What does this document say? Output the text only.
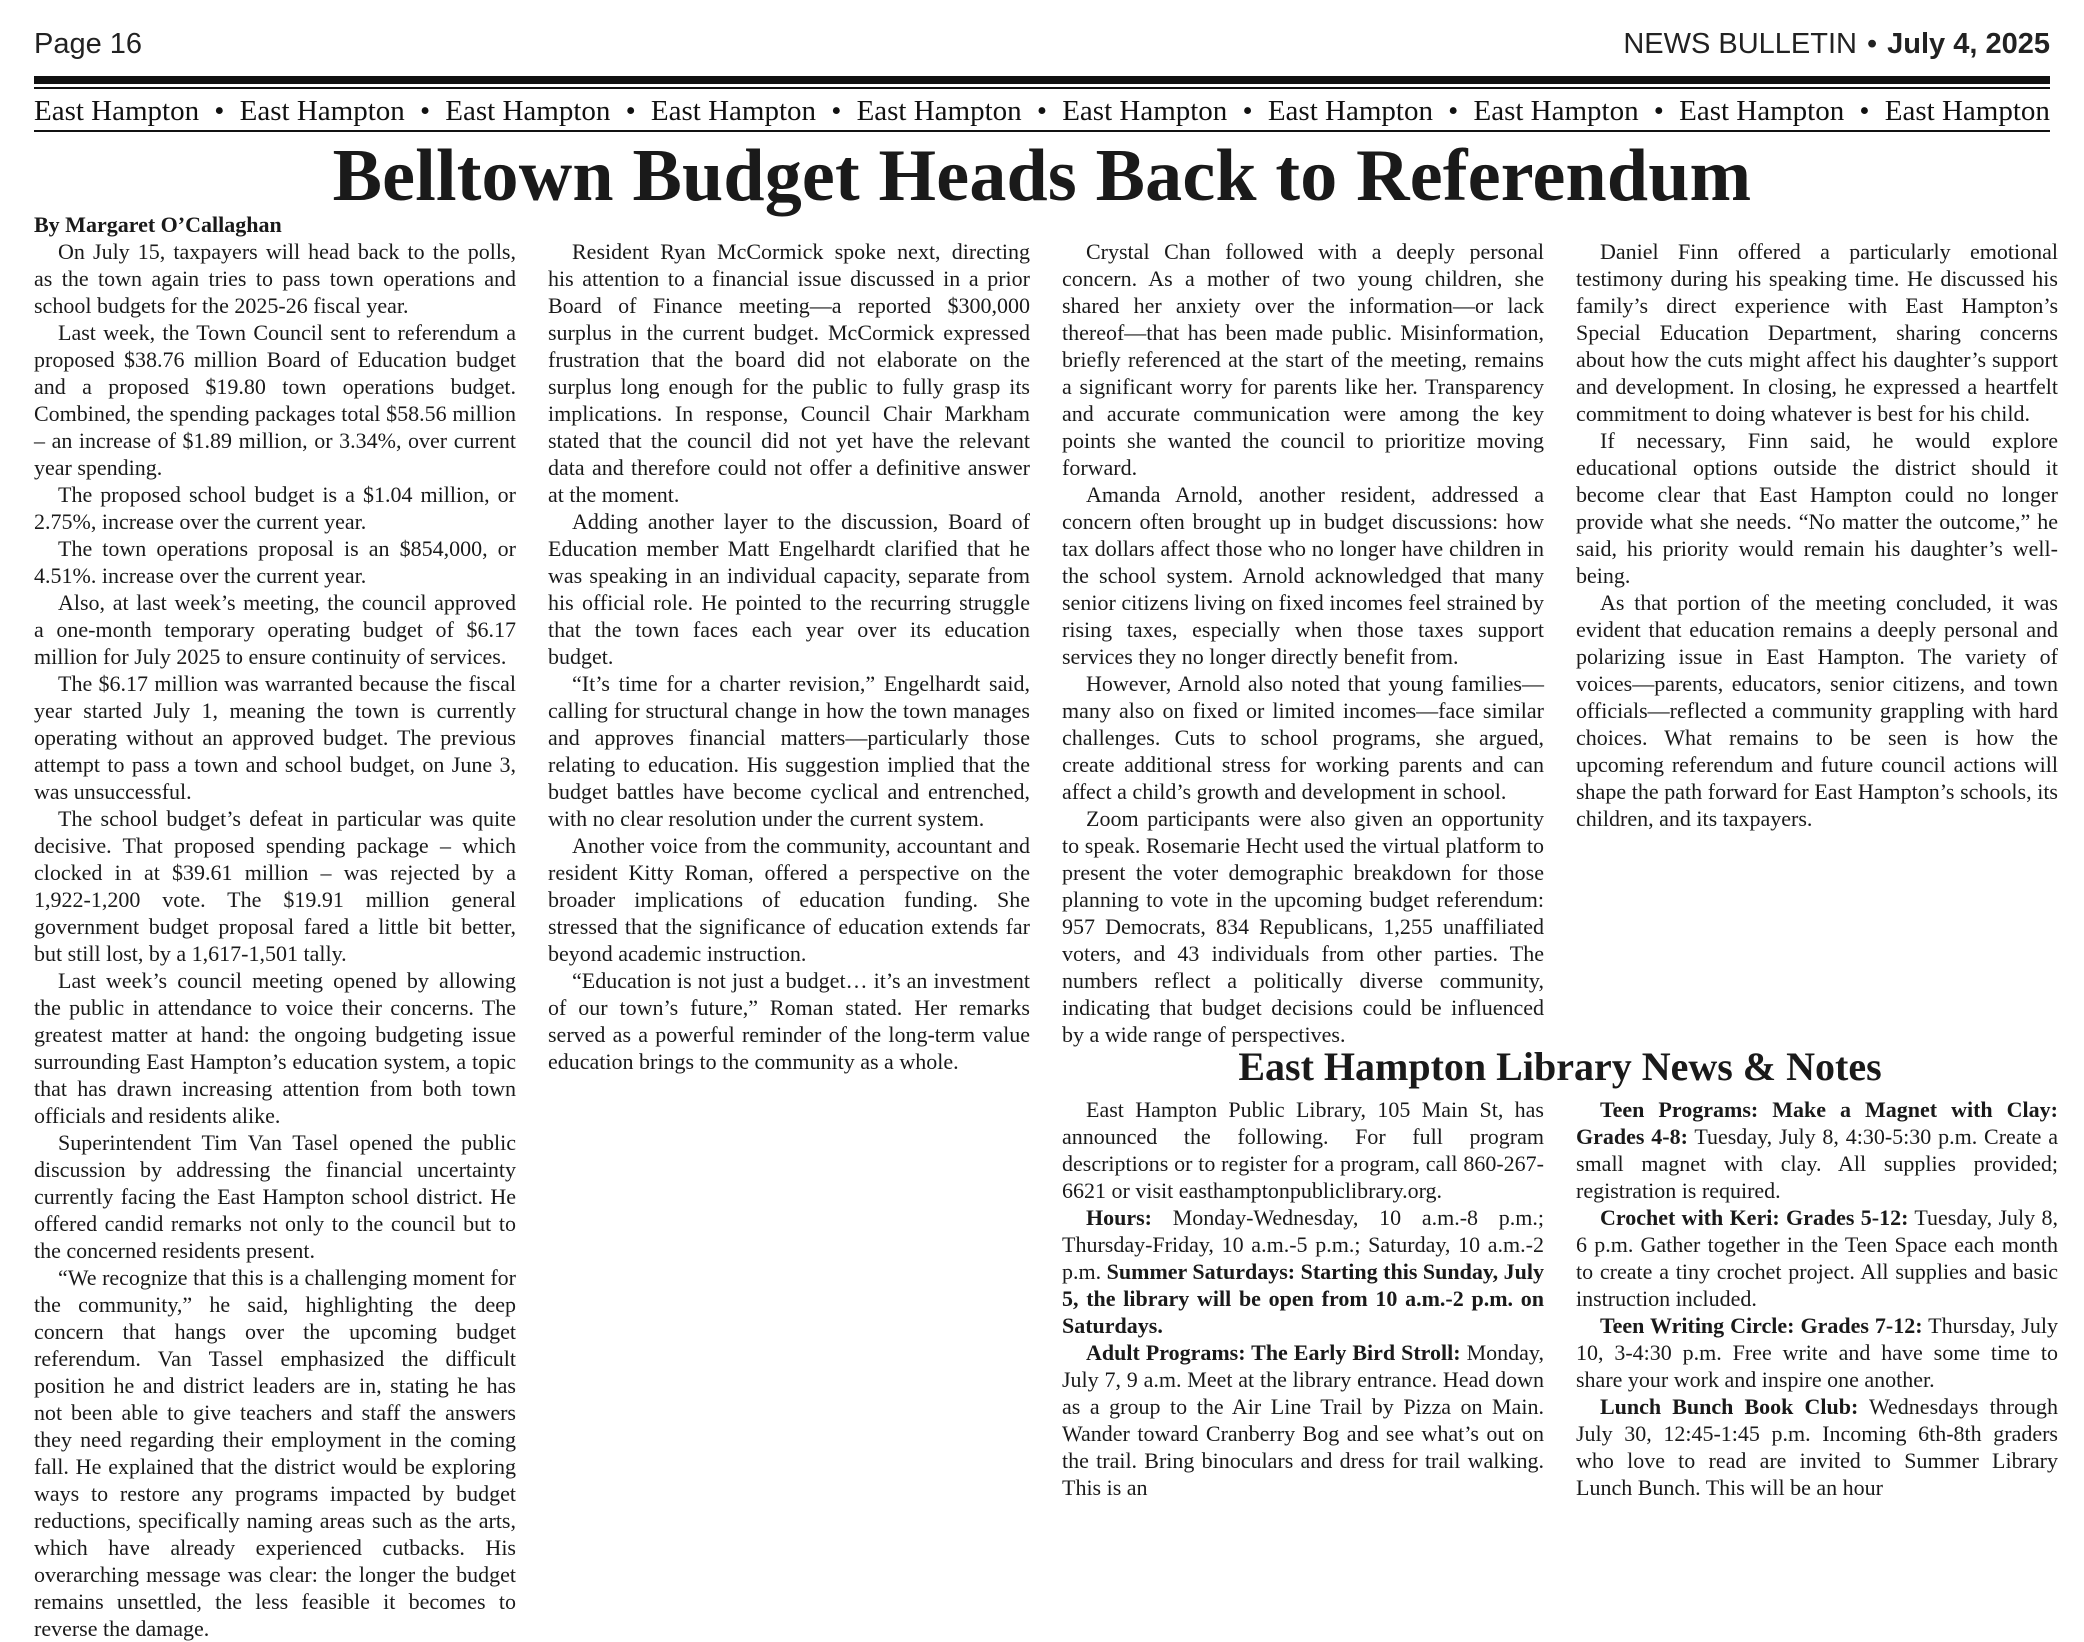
Page 16	NEWS BULLETIN • July 4, 2025
East Hampton • East Hampton • East Hampton • East Hampton • East Hampton • East Hampton • East Hampton • East Hampton • East Hampton • East Hampton
Belltown Budget Heads Back to Referendum
By Margaret O’Callaghan

On July 15, taxpayers will head back to the polls, as the town again tries to pass town operations and school budgets for the 2025-26 fiscal year.

Last week, the Town Council sent to referendum a proposed $38.76 million Board of Education budget and a proposed $19.80 town operations budget. Combined, the spending packages total $58.56 million – an increase of $1.89 million, or 3.34%, over current year spending.

The proposed school budget is a $1.04 million, or 2.75%, increase over the current year.

The town operations proposal is an $854,000, or 4.51%. increase over the current year.

Also, at last week’s meeting, the council approved a one-month temporary operating budget of $6.17 million for July 2025 to ensure continuity of services.

The $6.17 million was warranted because the fiscal year started July 1, meaning the town is currently operating without an approved budget. The previous attempt to pass a town and school budget, on June 3, was unsuccessful.

The school budget’s defeat in particular was quite decisive. That proposed spending package – which clocked in at $39.61 million – was rejected by a 1,922-1,200 vote. The $19.91 million general government budget proposal fared a little bit better, but still lost, by a 1,617-1,501 tally.

Last week’s council meeting opened by allowing the public in attendance to voice their concerns. The greatest matter at hand: the ongoing budgeting issue surrounding East Hampton’s education system, a topic that has drawn increasing attention from both town officials and residents alike.

Superintendent Tim Van Tasel opened the public discussion by addressing the financial uncertainty currently facing the East Hampton school district. He offered candid remarks not only to the council but to the concerned residents present.

“We recognize that this is a challenging moment for the community,” he said, highlighting the deep concern that hangs over the upcoming budget referendum. Van Tassel emphasized the difficult position he and district leaders are in, stating he has not been able to give teachers and staff the answers they need regarding their employment in the coming fall. He explained that the district would be exploring ways to restore any programs impacted by budget reductions, specifically naming areas such as the arts, which have already experienced cutbacks. His overarching message was clear: the longer the budget remains unsettled, the less feasible it becomes to reverse the damage.

Resident Ryan McCormick spoke next, directing his attention to a financial issue discussed in a prior Board of Finance meeting—a reported $300,000 surplus in the current budget. McCormick expressed frustration that the board did not elaborate on the surplus long enough for the public to fully grasp its implications. In response, Council Chair Markham stated that the council did not yet have the relevant data and therefore could not offer a definitive answer at the moment.

Adding another layer to the discussion, Board of Education member Matt Engelhardt clarified that he was speaking in an individual capacity, separate from his official role. He pointed to the recurring struggle that the town faces each year over its education budget.

“It’s time for a charter revision,” Engelhardt said, calling for structural change in how the town manages and approves financial matters—particularly those relating to education. His suggestion implied that the budget battles have become cyclical and entrenched, with no clear resolution under the current system.

Another voice from the community, accountant and resident Kitty Roman, offered a perspective on the broader implications of education funding. She stressed that the significance of education extends far beyond academic instruction.

“Education is not just a budget… it’s an investment of our town’s future,” Roman stated. Her remarks served as a powerful reminder of the long-term value education brings to the community as a whole.

Crystal Chan followed with a deeply personal concern. As a mother of two young children, she shared her anxiety over the information—or lack thereof—that has been made public. Misinformation, briefly referenced at the start of the meeting, remains a significant worry for parents like her. Transparency and accurate communication were among the key points she wanted the council to prioritize moving forward.

Amanda Arnold, another resident, addressed a concern often brought up in budget discussions: how tax dollars affect those who no longer have children in the school system. Arnold acknowledged that many senior citizens living on fixed incomes feel strained by rising taxes, especially when those taxes support services they no longer directly benefit from.

However, Arnold also noted that young families—many also on fixed or limited incomes—face similar challenges. Cuts to school programs, she argued, create additional stress for working parents and can affect a child’s growth and development in school.

Zoom participants were also given an opportunity to speak. Rosemarie Hecht used the virtual platform to present the voter demographic breakdown for those planning to vote in the upcoming budget referendum: 957 Democrats, 834 Republicans, 1,255 unaffiliated voters, and 43 individuals from other parties. The numbers reflect a politically diverse community, indicating that budget decisions could be influenced by a wide range of perspectives.

Daniel Finn offered a particularly emotional testimony during his speaking time. He discussed his family’s direct experience with East Hampton’s Special Education Department, sharing concerns about how the cuts might affect his daughter’s support and development. In closing, he expressed a heartfelt commitment to doing whatever is best for his child.

If necessary, Finn said, he would explore educational options outside the district should it become clear that East Hampton could no longer provide what she needs. “No matter the outcome,” he said, his priority would remain his daughter’s well-being.

As that portion of the meeting concluded, it was evident that education remains a deeply personal and polarizing issue in East Hampton. The variety of voices—parents, educators, senior citizens, and town officials—reflected a community grappling with hard choices. What remains to be seen is how the upcoming referendum and future council actions will shape the path forward for East Hampton’s schools, its children, and its taxpayers.

East Hampton Library News & Notes

East Hampton Public Library, 105 Main St, has announced the following. For full program descriptions or to register for a program, call 860-267-6621 or visit easthamptonpubliclibrary.org.

Hours: Monday-Wednesday, 10 a.m.-8 p.m.; Thursday-Friday, 10 a.m.-5 p.m.; Saturday, 10 a.m.-2 p.m. Summer Saturdays: Starting this Sunday, July 5, the library will be open from 10 a.m.-2 p.m. on Saturdays.

Adult Programs: The Early Bird Stroll: Monday, July 7, 9 a.m. Meet at the library entrance. Head down as a group to the Air Line Trail by Pizza on Main. Wander toward Cranberry Bog and see what’s out on the trail. Bring binoculars and dress for trail walking. This is an

Teen Programs: Make a Magnet with Clay: Grades 4-8: Tuesday, July 8, 4:30-5:30 p.m. Create a small magnet with clay. All supplies provided; registration is required.

Crochet with Keri: Grades 5-12: Tuesday, July 8, 6 p.m. Gather together in the Teen Space each month to create a tiny crochet project. All supplies and basic instruction included.

Teen Writing Circle: Grades 7-12: Thursday, July 10, 3-4:30 p.m. Free write and have some time to share your work and inspire one another.

Lunch Bunch Book Club: Wednesdays through July 30, 12:45-1:45 p.m. Incoming 6th-8th graders who love to read are invited to Summer Library Lunch Bunch. This will be an hour
